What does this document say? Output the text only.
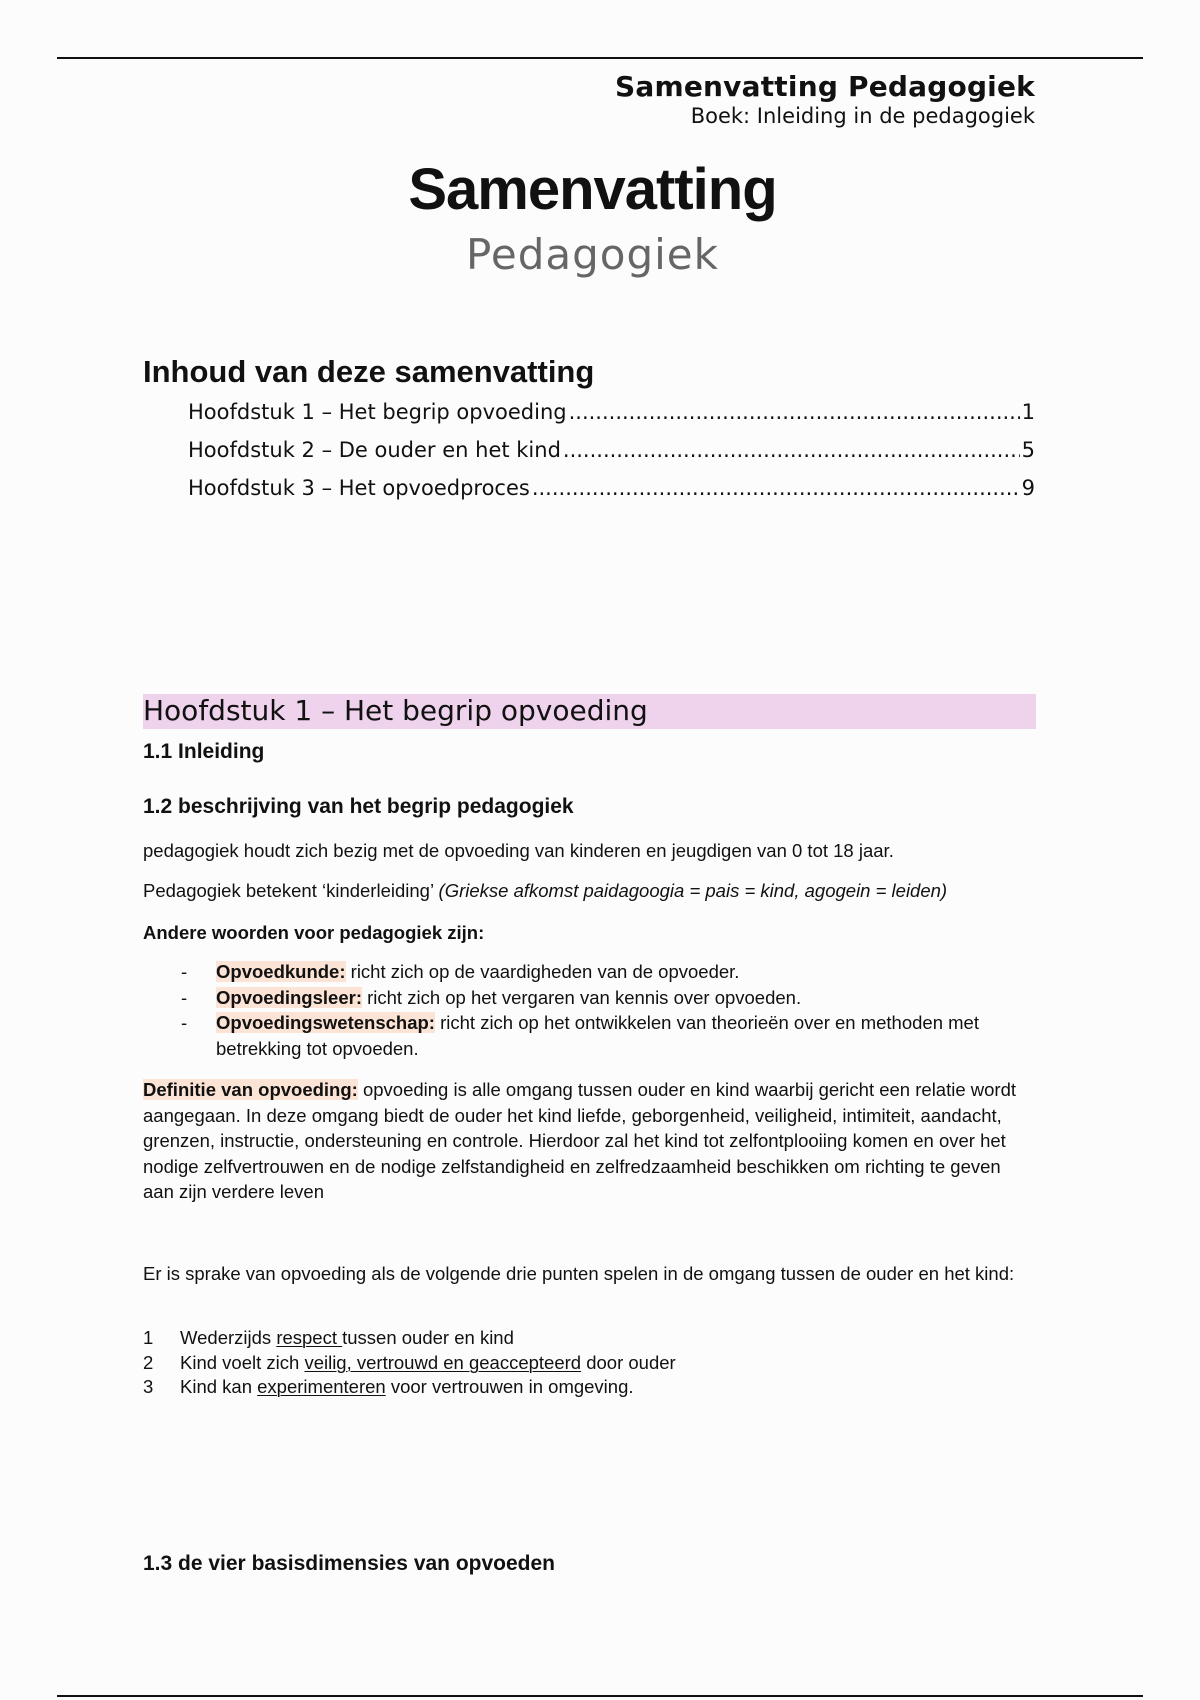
Samenvatting Pedagogiek
Boek: Inleiding in de pedagogiek
Samenvatting
Pedagogiek
Inhoud van deze samenvatting
Hoofdstuk 1 – Het begrip opvoeding .....	1
Hoofdstuk 2 – De ouder en het kind .....	5
Hoofdstuk 3 – Het opvoedproces .....	9
Hoofdstuk 1 – Het begrip opvoeding
1.1 Inleiding
1.2 beschrijving van het begrip pedagogiek
pedagogiek houdt zich bezig met de opvoeding van kinderen en jeugdigen van 0 tot 18 jaar.
Pedagogiek betekent ‘kinderleiding’ (Griekse afkomst paidagoogia = pais = kind, agogein = leiden)
Andere woorden voor pedagogiek zijn:
- Opvoedkunde: richt zich op de vaardigheden van de opvoeder.
- Opvoedingsleer: richt zich op het vergaren van kennis over opvoeden.
- Opvoedingswetenschap: richt zich op het ontwikkelen van theorieën over en methoden met betrekking tot opvoeden.
Definitie van opvoeding: opvoeding is alle omgang tussen ouder en kind waarbij gericht een relatie wordt aangegaan. In deze omgang biedt de ouder het kind liefde, geborgenheid, veiligheid, intimiteit, aandacht, grenzen, instructie, ondersteuning en controle. Hierdoor zal het kind tot zelfontplooiing komen en over het nodige zelfvertrouwen en de nodige zelfstandigheid en zelfredzaamheid beschikken om richting te geven aan zijn verdere leven
Er is sprake van opvoeding als de volgende drie punten spelen in de omgang tussen de ouder en het kind:
1 Wederzijds respect tussen ouder en kind
2 Kind voelt zich veilig, vertrouwd en geaccepteerd door ouder
3 Kind kan experimenteren voor vertrouwen in omgeving.
1.3 de vier basisdimensies van opvoeden
